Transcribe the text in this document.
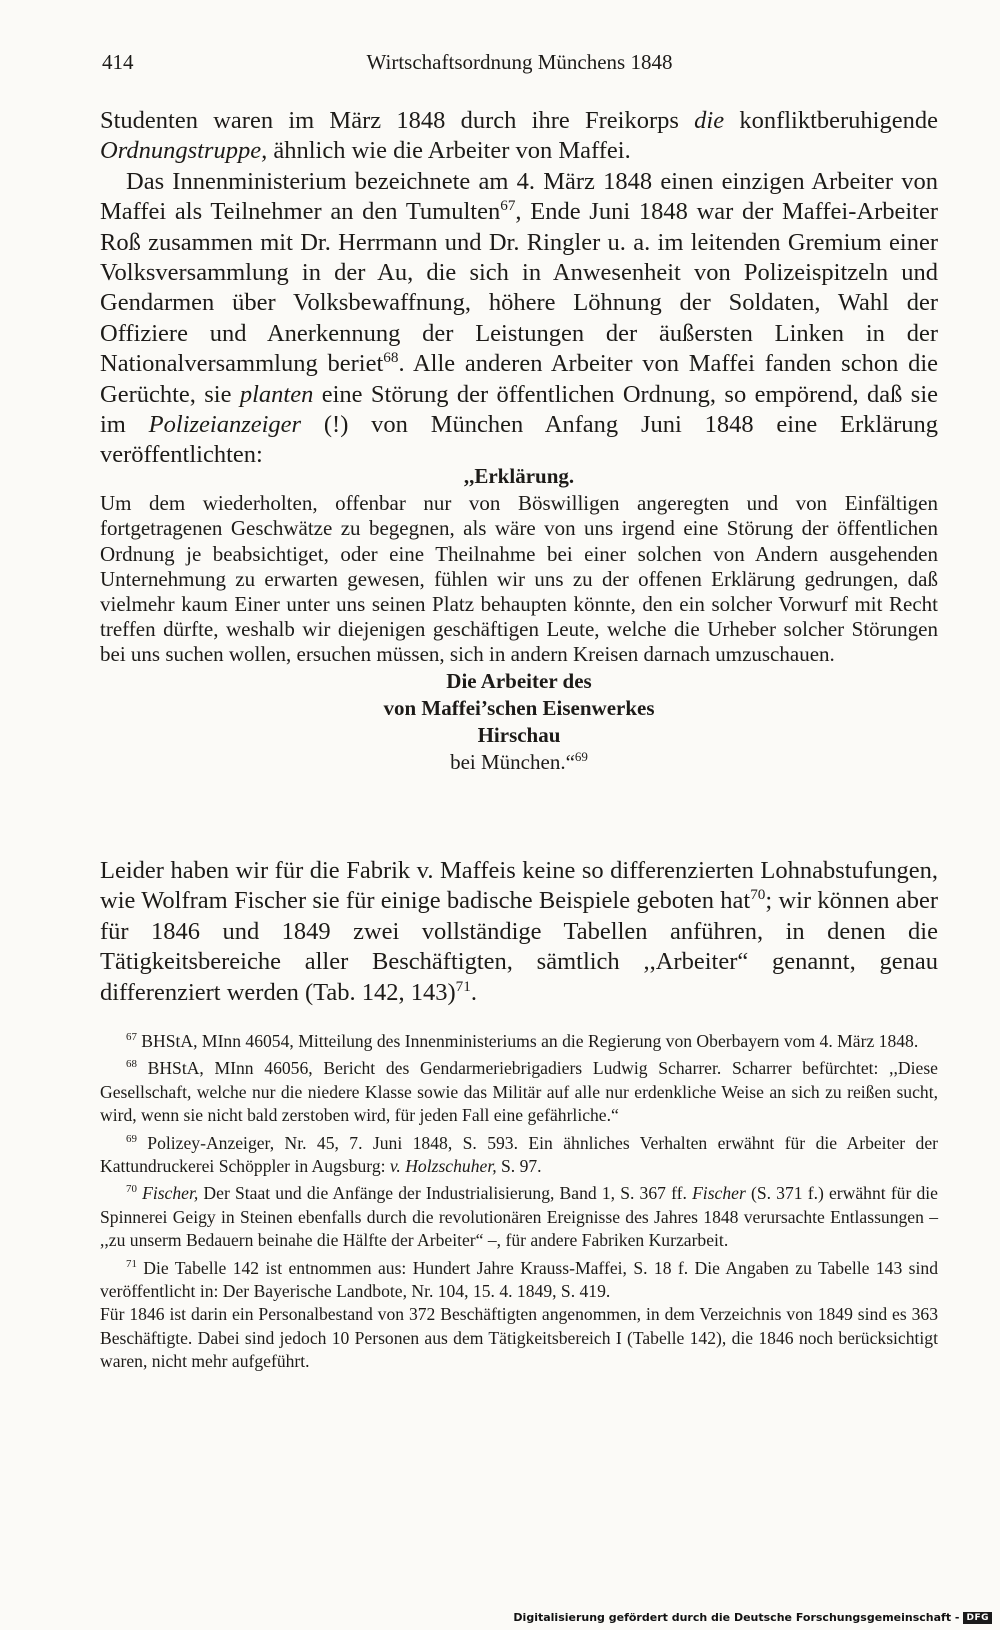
414	Wirtschaftsordnung Münchens 1848

Studenten waren im März 1848 durch ihre Freikorps die konfliktberuhigende Ordnungstruppe, ähnlich wie die Arbeiter von Maffei.

Das Innenministerium bezeichnete am 4. März 1848 einen einzigen Arbeiter von Maffei als Teilnehmer an den Tumulten$^{67}$, Ende Juni 1848 war der Maffei-Arbeiter Roß zusammen mit Dr. Herrmann und Dr. Ringler u. a. im leitenden Gremium einer Volksversammlung in der Au, die sich in Anwesenheit von Polizeispitzeln und Gendarmen über Volksbewaffnung, höhere Löhnung der Soldaten, Wahl der Offiziere und Anerkennung der Leistungen der äußersten Linken in der Nationalversammlung beriet$^{68}$. Alle anderen Arbeiter von Maffei fanden schon die Gerüchte, sie planten eine Störung der öffentlichen Ordnung, so empörend, daß sie im Polizeianzeiger (!) von München Anfang Juni 1848 eine Erklärung veröffentlichten:

,,Erklärung.

Um dem wiederholten, offenbar nur von Böswilligen angeregten und von Einfältigen fortgetragenen Geschwätze zu begegnen, als wäre von uns irgend eine Störung der öffentlichen Ordnung je beabsichtiget, oder eine Theilnahme bei einer solchen von Andern ausgehenden Unternehmung zu erwarten gewesen, fühlen wir uns zu der offenen Erklärung gedrungen, daß vielmehr kaum Einer unter uns seinen Platz behaupten könnte, den ein solcher Vorwurf mit Recht treffen dürfte, weshalb wir diejenigen geschäftigen Leute, welche die Urheber solcher Störungen bei uns suchen wollen, ersuchen müssen, sich in andern Kreisen darnach umzuschauen.

Die Arbeiter des

von Maffei’schen Eisenwerkes

Hirschau

bei München.“$^{69}$

Leider haben wir für die Fabrik v. Maffeis keine so differenzierten Lohnabstufungen, wie Wolfram Fischer sie für einige badische Beispiele geboten hat$^{70}$; wir können aber für 1846 und 1849 zwei vollständige Tabellen anführen, in denen die Tätigkeitsbereiche aller Beschäftigten, sämtlich ,,Arbeiter“ genannt, genau differenziert werden (Tab. 142, 143)$^{71}$.

$^{67}$ BHStA, MInn 46054, Mitteilung des Innenministeriums an die Regierung von Oberbayern vom 4. März 1848.

$^{68}$ BHStA, MInn 46056, Bericht des Gendarmeriebrigadiers Ludwig Scharrer. Scharrer befürchtet: ,,Diese Gesellschaft, welche nur die niedere Klasse sowie das Militär auf alle nur erdenkliche Weise an sich zu reißen sucht, wird, wenn sie nicht bald zerstoben wird, für jeden Fall eine gefährliche.“

$^{69}$ Polizey-Anzeiger, Nr. 45, 7. Juni 1848, S. 593. Ein ähnliches Verhalten erwähnt für die Arbeiter der Kattundruckerei Schöppler in Augsburg: v. Holzschuher, S. 97.

$^{70}$ Fischer, Der Staat und die Anfänge der Industrialisierung, Band 1, S. 367 ff. Fischer (S. 371 f.) erwähnt für die Spinnerei Geigy in Steinen ebenfalls durch die revolutionären Ereignisse des Jahres 1848 verursachte Entlassungen – ,,zu unserm Bedauern beinahe die Hälfte der Arbeiter“ –, für andere Fabriken Kurzarbeit.

$^{71}$ Die Tabelle 142 ist entnommen aus: Hundert Jahre Krauss-Maffei, S. 18 f. Die Angaben zu Tabelle 143 sind veröffentlicht in: Der Bayerische Landbote, Nr. 104, 15. 4. 1849, S. 419.

Für 1846 ist darin ein Personalbestand von 372 Beschäftigten angenommen, in dem Verzeichnis von 1849 sind es 363 Beschäftigte. Dabei sind jedoch 10 Personen aus dem Tätigkeitsbereich I (Tabelle 142), die 1846 noch berücksichtigt waren, nicht mehr aufgeführt.

Digitalisierung gefördert durch die Deutsche Forschungsgemeinschaft - DFG
